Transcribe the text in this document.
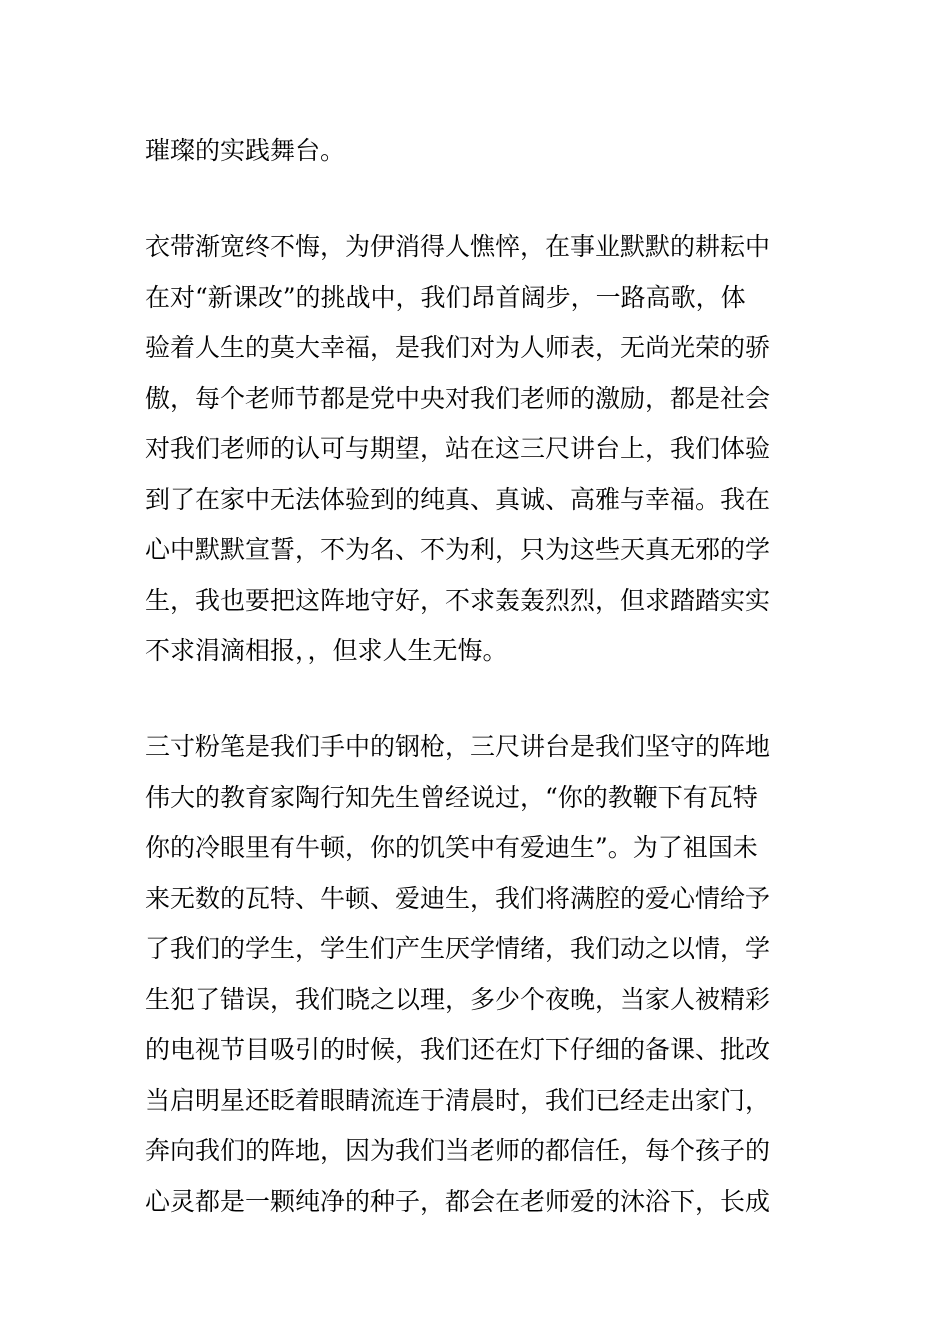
璀璨的实践舞台。
衣带渐宽终不悔，为伊消得人憔悴，在事业默默的耕耘中
在对“新课改”的挑战中，我们昂首阔步，一路高歌，体
验着人生的莫大幸福，是我们对为人师表，无尚光荣的骄
傲，每个老师节都是党中央对我们老师的激励，都是社会
对我们老师的认可与期望，站在这三尺讲台上，我们体验
到了在家中无法体验到的纯真、真诚、高雅与幸福。我在
心中默默宣誓，不为名、不为利，只为这些天真无邪的学
生，我也要把这阵地守好，不求轰轰烈烈，但求踏踏实实
不求涓滴相报，，但求人生无悔。
三寸粉笔是我们手中的钢枪，三尺讲台是我们坚守的阵地
伟大的教育家陶行知先生曾经说过，“你的教鞭下有瓦特
你的冷眼里有牛顿，你的饥笑中有爱迪生”。为了祖国未
来无数的瓦特、牛顿、爱迪生，我们将满腔的爱心情给予
了我们的学生，学生们产生厌学情绪，我们动之以情，学
生犯了错误，我们晓之以理，多少个夜晚，当家人被精彩
的电视节目吸引的时候，我们还在灯下仔细的备课、批改
当启明星还眨着眼睛流连于清晨时，我们已经走出家门，
奔向我们的阵地，因为我们当老师的都信任，每个孩子的
心灵都是一颗纯净的种子，都会在老师爱的沐浴下，长成
